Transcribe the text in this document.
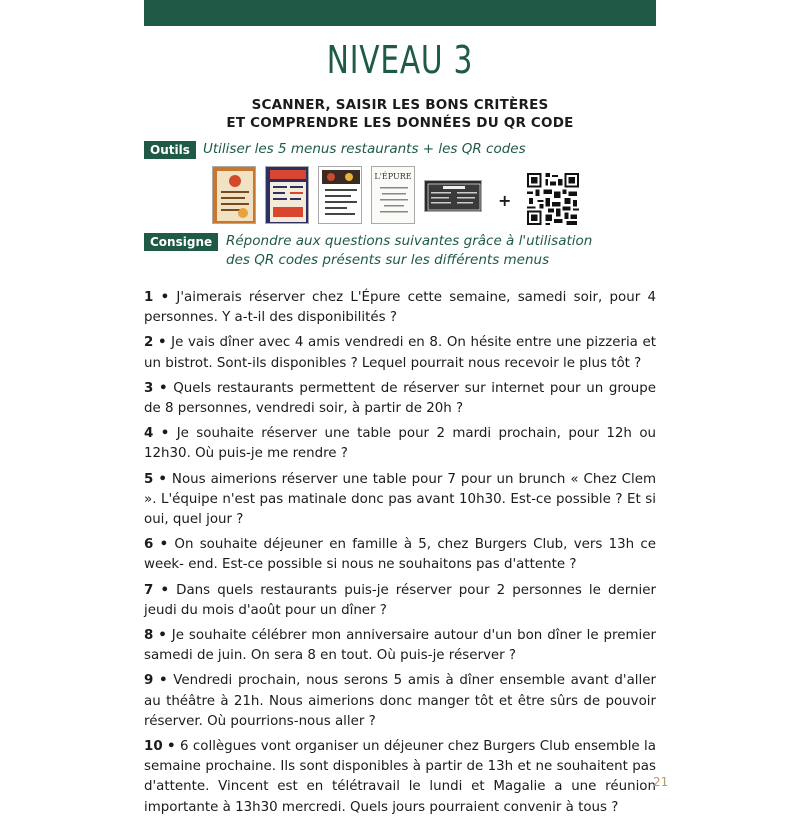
NIVEAU 3
SCANNER, SAISIR LES BONS CRITÈRES
ET COMPRENDRE LES DONNÉES DU QR CODE
Outils Utiliser les 5 menus restaurants + les QR codes
L'ÉPURE
+
Consigne	Répondre aux questions suivantes grâce à l'utilisation
des QR codes présents sur les différents menus

1 • J'aimerais réserver chez L'Épure cette semaine, samedi soir, pour 4 personnes. Y a-t-il des disponibilités ?

2 • Je vais dîner avec 4 amis vendredi en 8. On hésite entre une pizzeria et un bistrot. Sont-ils disponibles ? Lequel pourrait nous recevoir le plus tôt ?

3 • Quels restaurants permettent de réserver sur internet pour un groupe de 8 personnes, vendredi soir, à partir de 20h ?

4 • Je souhaite réserver une table pour 2 mardi prochain, pour 12h ou 12h30. Où puis-je me rendre ?

5 • Nous aimerions réserver une table pour 7 pour un brunch « Chez Clem ». L'équipe n'est pas matinale donc pas avant 10h30. Est-ce possible ? Et si oui, quel jour ?

6 • On souhaite déjeuner en famille à 5, chez Burgers Club, vers 13h ce week- end. Est-ce possible si nous ne souhaitons pas d'attente ?

7 • Dans quels restaurants puis-je réserver pour 2 personnes le dernier jeudi du mois d'août pour un dîner ?

8 • Je souhaite célébrer mon anniversaire autour d'un bon dîner le premier samedi de juin. On sera 8 en tout. Où puis-je réserver ?

9 • Vendredi prochain, nous serons 5 amis à dîner ensemble avant d'aller au théâtre à 21h. Nous aimerions donc manger tôt et être sûrs de pouvoir réserver. Où pourrions-nous aller ?

10 • 6 collègues vont organiser un déjeuner chez Burgers Club ensemble la semaine prochaine. Ils sont disponibles à partir de 13h et ne souhaitent pas d'attente. Vincent est en télétravail le lundi et Magalie a une réunion importante à 13h30 mercredi. Quels jours pourraient convenir à tous ?

21
